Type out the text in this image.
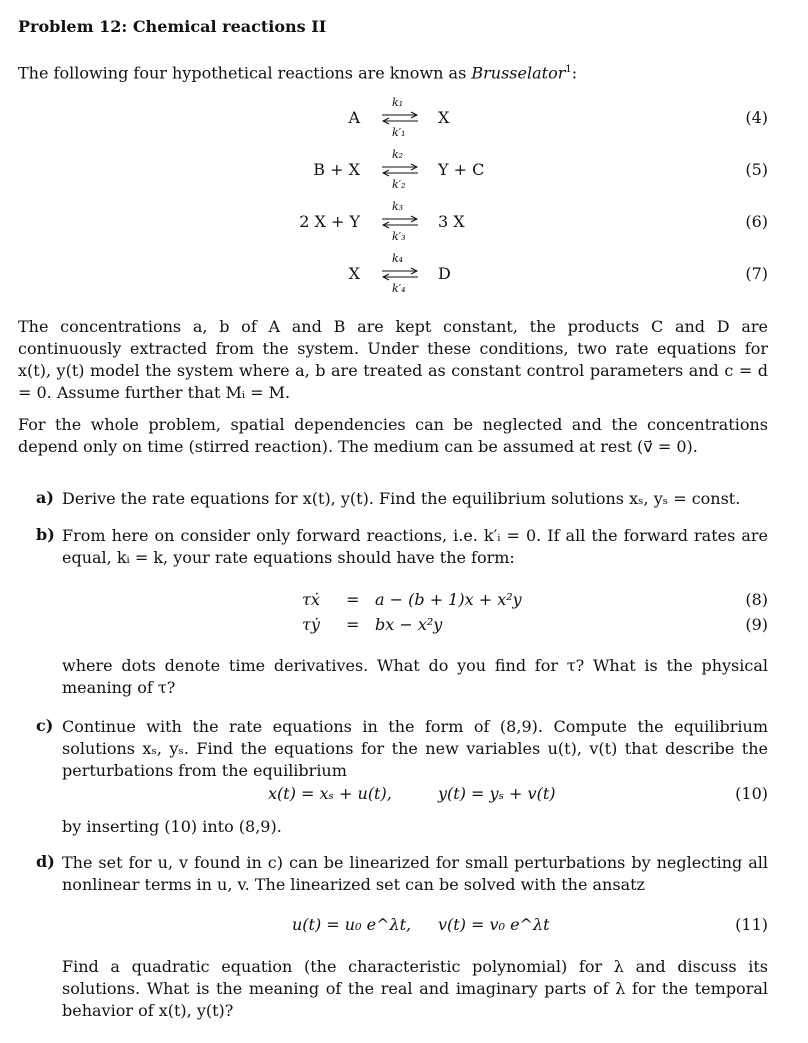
Problem 12: Chemical reactions II
The following four hypothetical reactions are known as Brusselator$^1$:
A
k₁
k′₁
X	(4)
B + X
k₂
k′₂
Y + C	(5)
2 X + Y
k₃
k′₃
3 X	(6)
X
k₄
k′₄
D	(7)
The concentrations a, b of A and B are kept constant, the products C and D are continuously extracted from the system. Under these conditions, two rate equations for x(t), y(t) model the system where a, b are treated as constant control parameters and c = d = 0. Assume further that Mᵢ = M.
For the whole problem, spatial dependencies can be neglected and the concentrations depend only on time (stirred reaction). The medium can be assumed at rest (v⃗ = 0).
a) Derive the rate equations for x(t), y(t). Find the equilibrium solutions xₛ, yₛ = const.
b) From here on consider only forward reactions, i.e. k′ᵢ = 0. If all the forward rates are equal, kᵢ = k, your rate equations should have the form:
τẋ = a − (b + 1)x + x²y	(8)
τẏ = bx − x²y	(9)
where dots denote time derivatives. What do you find for τ? What is the physical meaning of τ?
c) Continue with the rate equations in the form of (8,9). Compute the equilibrium solutions xₛ, yₛ. Find the equations for the new variables u(t), v(t) that describe the perturbations from the equilibrium
x(t) = xₛ + u(t),	y(t) = yₛ + v(t)	(10)
by inserting (10) into (8,9).
d) The set for u, v found in c) can be linearized for small perturbations by neglecting all nonlinear terms in u, v. The linearized set can be solved with the ansatz
u(t) = u₀ e^λt, v(t) = v₀ e^λt	(11)
Find a quadratic equation (the characteristic polynomial) for λ and discuss its solutions. What is the meaning of the real and imaginary parts of λ for the temporal behavior of x(t), y(t)?
